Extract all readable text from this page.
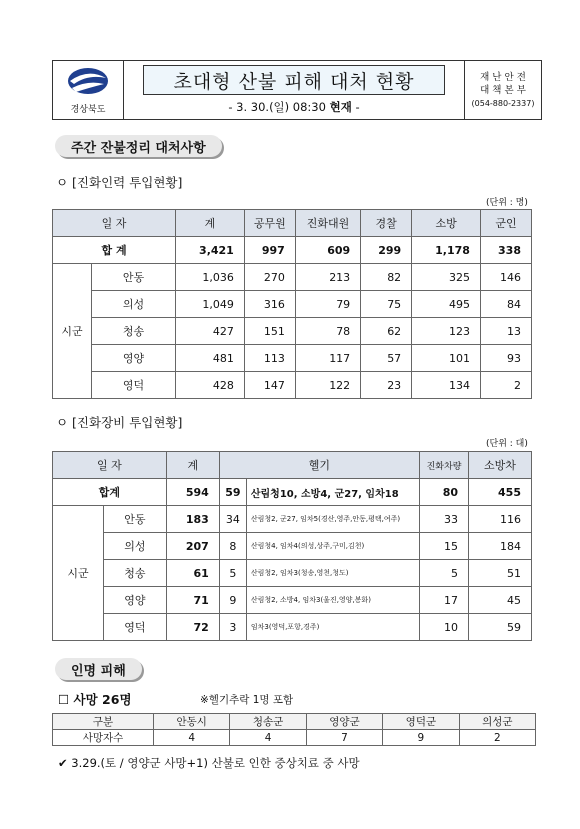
경상북도
초대형 산불 피해 대처 현황
- 3. 30.(일) 08:30 현재 -
재 난 안 전
대 책 본 부
(054-880-2337)
주간 잔불정리 대처사항
ㅇ [진화인력 투입현황]
(단위 : 명)
일 자		계	공무원	진화대원	경찰	소방	군인
합 계		3,421	997	609	299	1,178	338
시군	안동	1,036	270	213	82	325	146
	의성	1,049	316	79	75	495	84
	청송	427	151	78	62	123	13
	영양	481	113	117	57	101	93
	영덕	428	147	122	23	134	2
ㅇ [진화장비 투입현황]
(단위 : 대)
일 자		계	헬기		진화차량	소방차
합계		594	59	산림청10, 소방4, 군27, 임차18	80	455
시군	안동	183	34	산림청2, 군27, 임차5(경산,영주,안동,평택,여주)	33	116
	의성	207	8	산림청4, 임차4(의성,상주,구미,김천)	15	184
	청송	61	5	산림청2, 임차3(청송,영천,청도)	5	51
	영양	71	9	산림청2, 소방4, 임차3(울진,영양,봉화)	17	45
	영덕	72	3	임차3(영덕,포항,경주)	10	59
인명 피해
☐ 사망 26명	※헬기추락 1명 포함
구분	안동시	청송군	영양군	영덕군	의성군
사망자수	4	4	7	9	2
✔ 3.29.(토 / 영양군 사망+1) 산불로 인한 중상치료 중 사망
